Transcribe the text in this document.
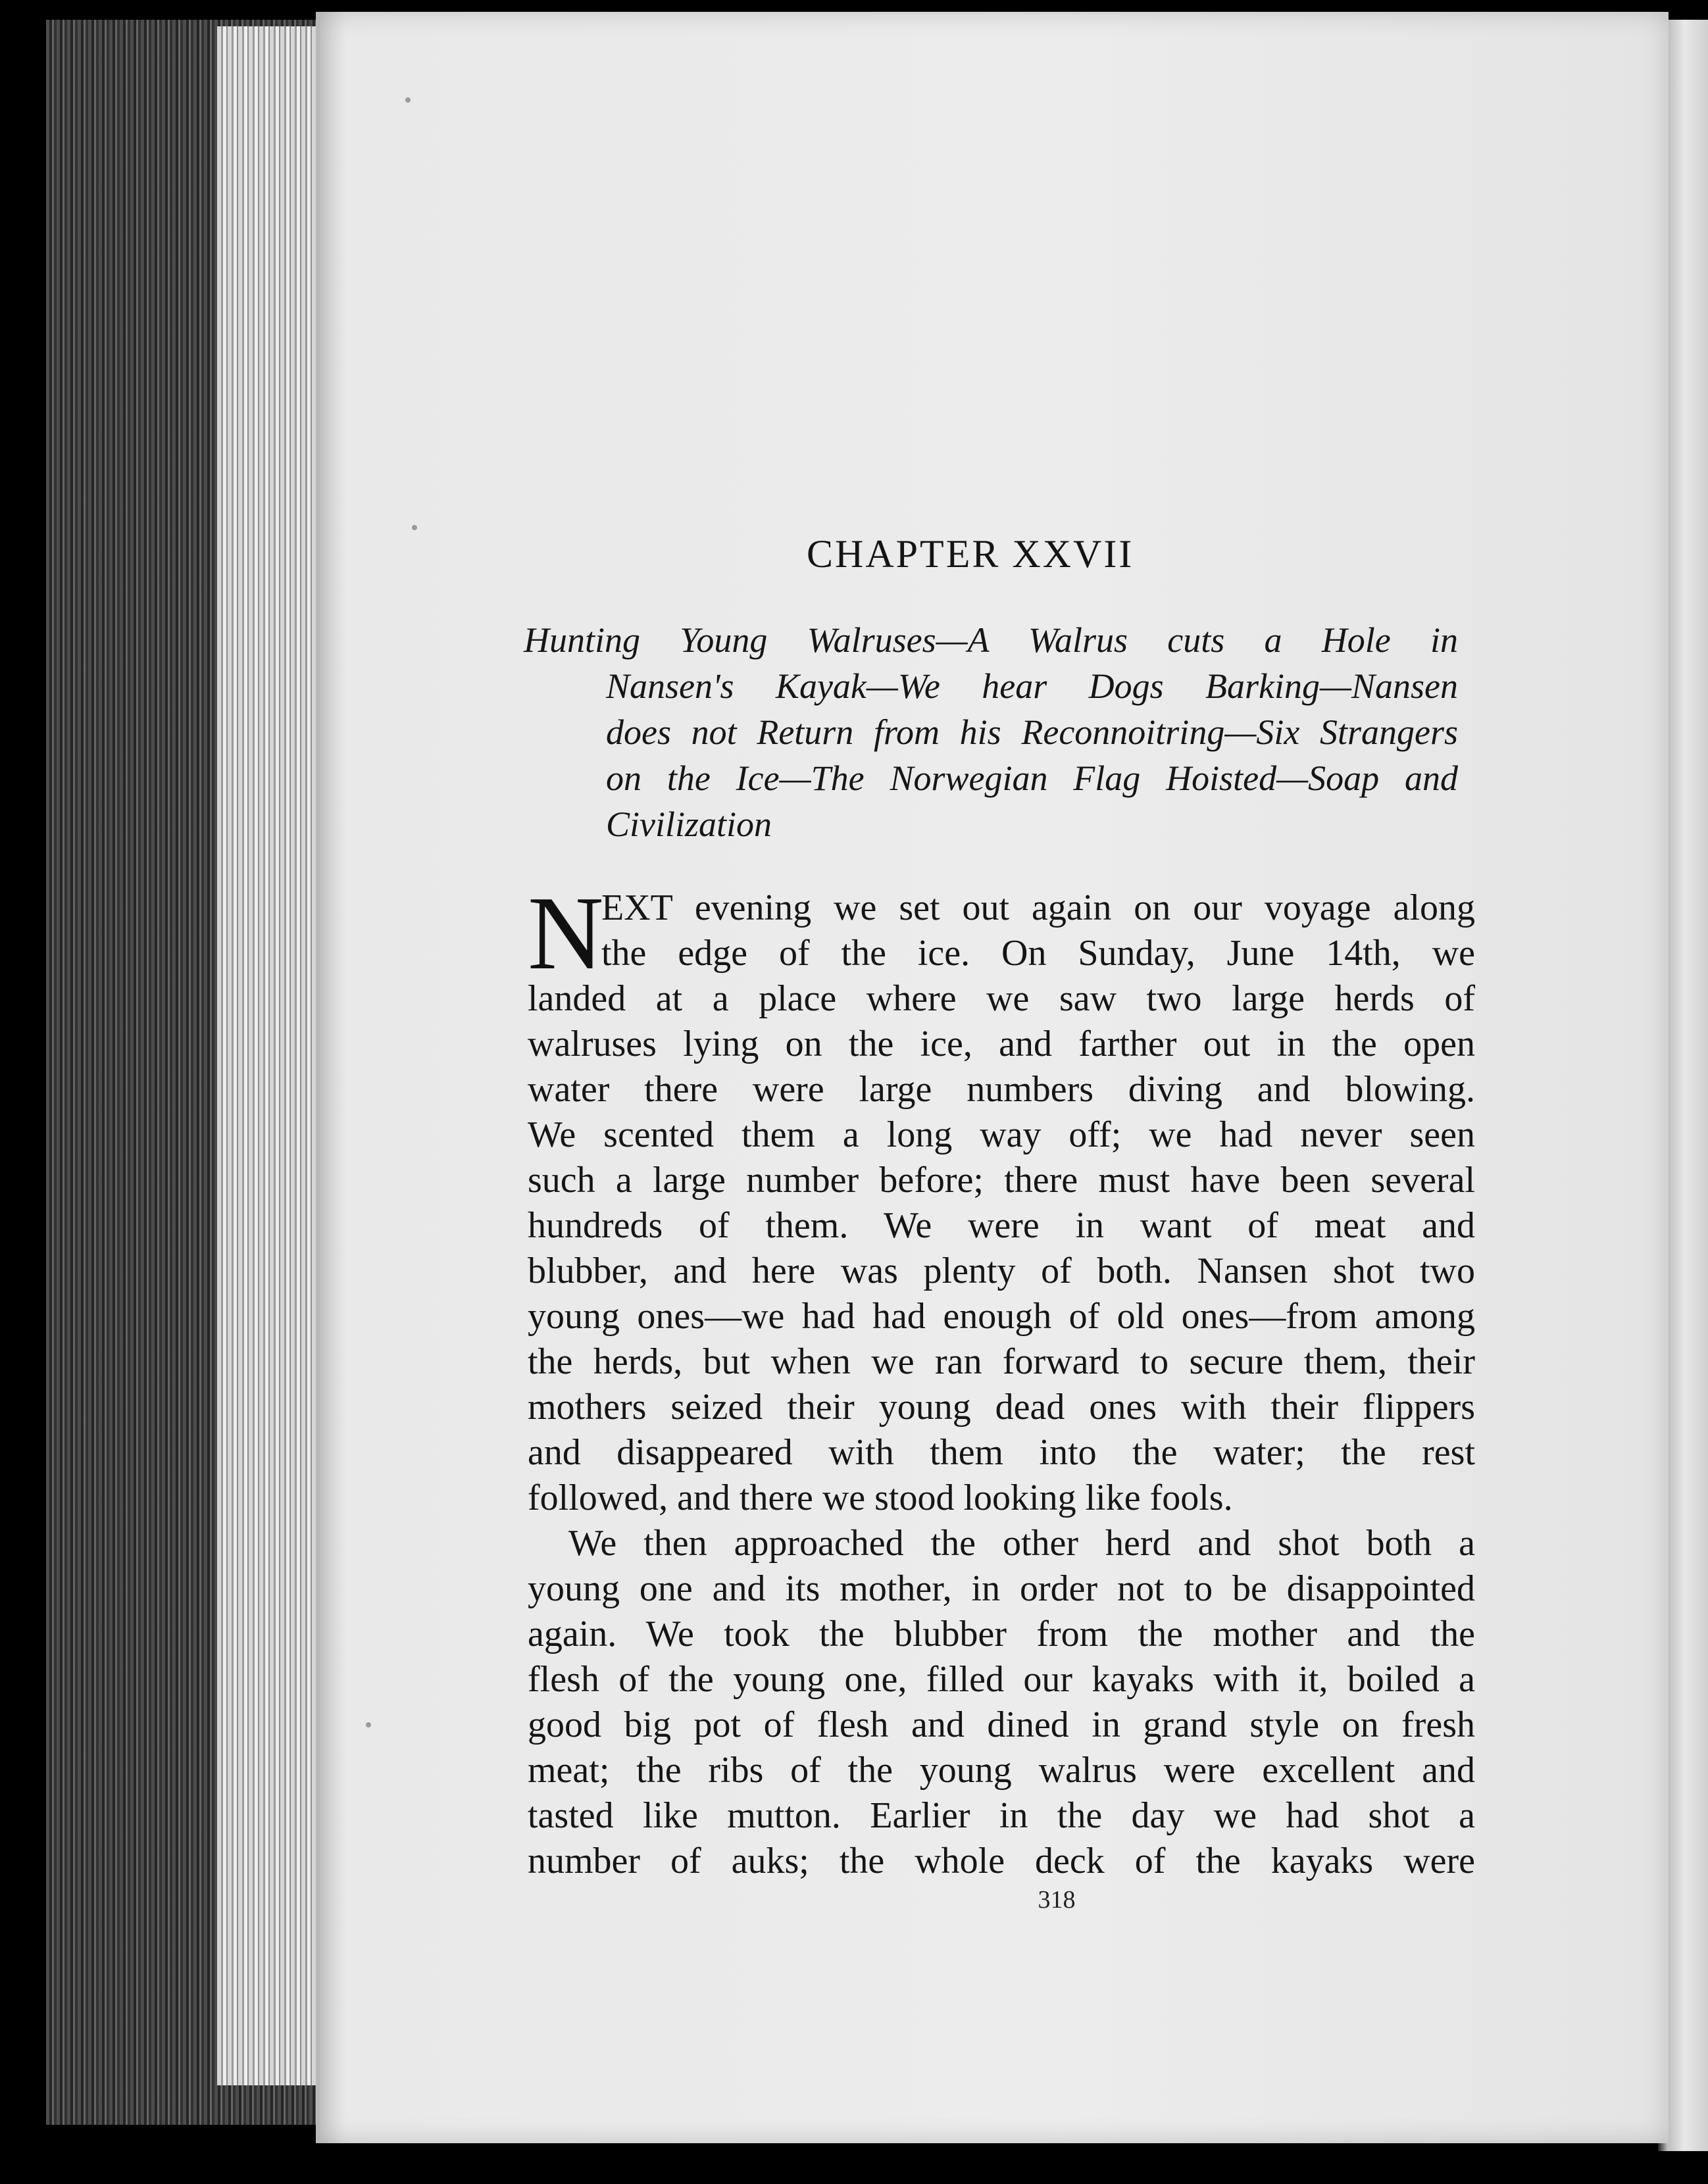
CHAPTER XXVII
Hunting Young Walruses—A Walrus cuts a Hole in
Nansen's Kayak—We hear Dogs Barking—Nansen
does not Return from his Reconnoitring—Six Strangers
on the Ice—The Norwegian Flag Hoisted—Soap and
Civilization
N
EXT evening we set out again on our voyage along
the edge of the ice. On Sunday, June 14th, we
landed at a place where we saw two large herds of
walruses lying on the ice, and farther out in the open
water there were large numbers diving and blowing.
We scented them a long way off; we had never seen
such a large number before; there must have been several
hundreds of them. We were in want of meat and
blubber, and here was plenty of both. Nansen shot two
young ones—we had had enough of old ones—from among
the herds, but when we ran forward to secure them, their
mothers seized their young dead ones with their flippers
and disappeared with them into the water; the rest
followed, and there we stood looking like fools.
We then approached the other herd and shot both a
young one and its mother, in order not to be disappointed
again. We took the blubber from the mother and the
flesh of the young one, filled our kayaks with it, boiled a
good big pot of flesh and dined in grand style on fresh
meat; the ribs of the young walrus were excellent and
tasted like mutton. Earlier in the day we had shot a
number of auks; the whole deck of the kayaks were
318
